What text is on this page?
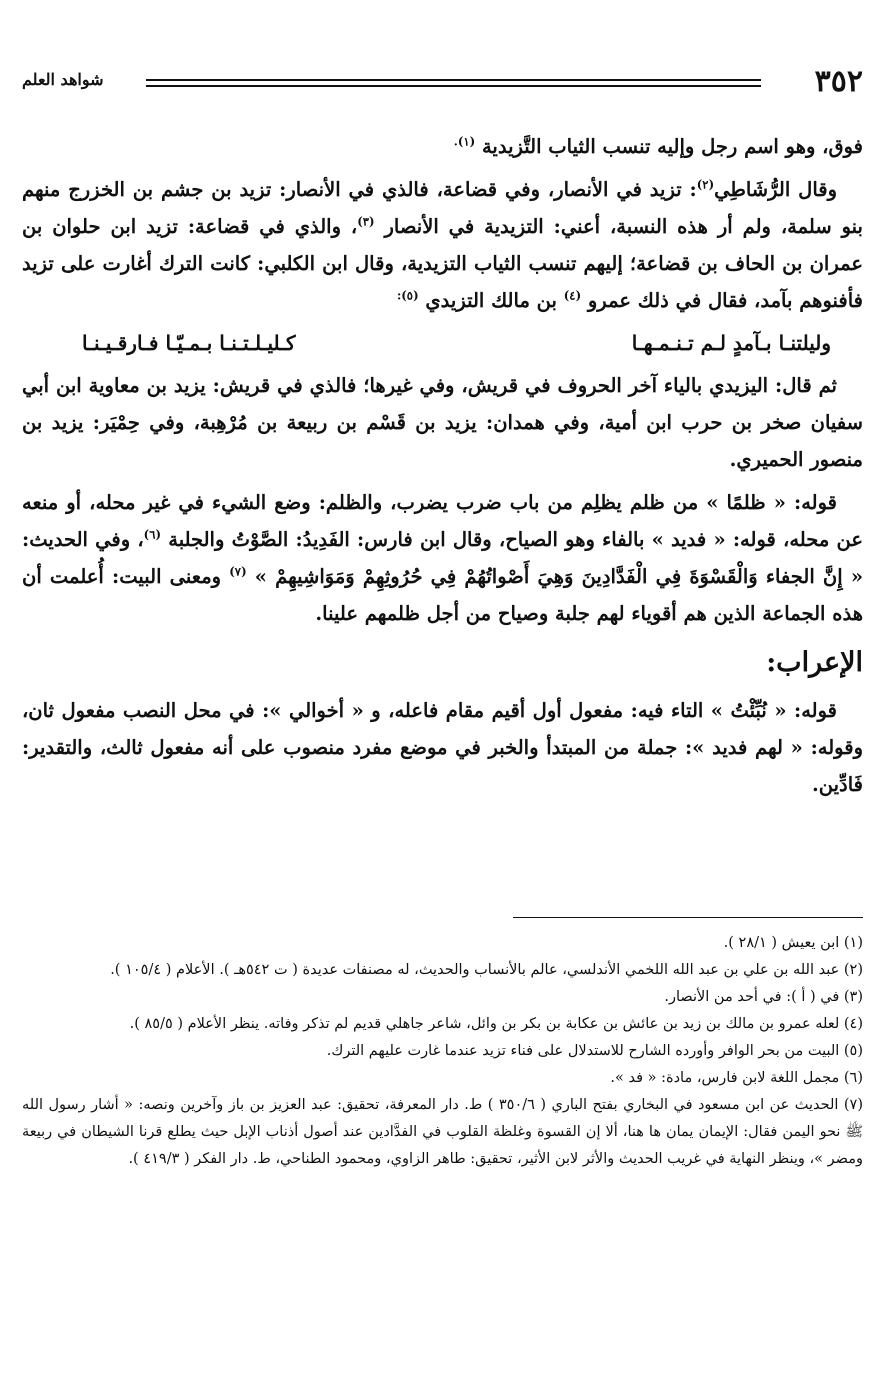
٣٥٢
شواهد العلم

فوق، وهو اسم رجل وإليه تنسب الثياب التَّزيدية $^{(١).}$

وقال الرُّشَاطِي$^{(٢)}$: تزيد في الأنصار، وفي قضاعة، فالذي في الأنصار: تزيد بن جشم بن الخزرج منهم بنو سلمة، ولم أر هذه النسبة، أعني: التزيدية في الأنصار $^{(٣)}$، والذي في قضاعة: تزيد ابن حلوان بن عمران بن الحاف بن قضاعة؛ إليهم تنسب الثياب التزيدية، وقال ابن الكلبي: كانت الترك أغارت على تزيد فأفنوهم بآمد، فقال في ذلك عمرو $^{(٤)}$ بن مالك التزيدي $^{(٥):}$

وليلتنـا بـآمدٍ لـم تـنـمـهـا
كـليـلـتـنـا بـمـيّـا فـارقـيـنـا

ثم قال: اليزيدي بالياء آخر الحروف في قريش، وفي غيرها؛ فالذي في قريش: يزيد بن معاوية ابن أبي سفيان صخر بن حرب ابن أمية، وفي همدان: يزيد بن قَسْم بن ربيعة بن مُرْهِبة، وفي حِمْيَر: يزيد بن منصور الحميري.

قوله: « ظلمًا » من ظلم يظلِم من باب ضرب يضرب، والظلم: وضع الشيء في غير محله، أو منعه عن محله، قوله: « فديد » بالفاء وهو الصياح، وقال ابن فارس: الفَدِيدُ: الصَّوْتُ والجلبة $^{(٦)}$، وفي الحديث: « إِنَّ الجفاء وَالْقَسْوَةَ فِي الْفَدَّادِينَ وَهِيَ أَصْواتُهُمْ فِي حُرُوثِهِمْ وَمَوَاشِيهِمْ » $^{(٧)}$ ومعنى البيت: أُعلمت أن هذه الجماعة الذين هم أقوياء لهم جلبة وصياح من أجل ظلمهم علينا.

الإعراب:

قوله: « نُبِّئْتُ » التاء فيه: مفعول أول أقيم مقام فاعله، و « أخوالي »: في محل النصب مفعول ثان، وقوله: « لهم فديد »: جملة من المبتدأ والخبر في موضع مفرد منصوب على أنه مفعول ثالث، والتقدير: فَادِّين.

(١) ابن يعيش ( ٢٨/١ ).

(٢) عبد الله بن علي بن عبد الله اللخمي الأندلسي، عالم بالأنساب والحديث، له مصنفات عديدة ( ت ٥٤٢هـ ). الأعلام ( ١٠٥/٤ ).

(٣) في ( أ ): في أحد من الأنصار.

(٤) لعله عمرو بن مالك بن زيد بن عائش بن عكابة بن بكر بن وائل، شاعر جاهلي قديم لم تذكر وفاته. ينظر الأعلام ( ٨٥/٥ ).

(٥) البيت من بحر الوافر وأورده الشارح للاستدلال على فناء تزيد عندما غارت عليهم الترك.

(٦) مجمل اللغة لابن فارس، مادة: « فد ».

(٧) الحديث عن ابن مسعود في البخاري بفتح الباري ( ٣٥٠/٦ ) ط. دار المعرفة، تحقيق: عبد العزيز بن باز وآخرين ونصه: « أشار رسول الله ﷺ نحو اليمن فقال: الإيمان يمان ها هنا، ألا إن القسوة وغلظة القلوب في الفدَّادين عند أصول أذناب الإبل حيث يطلع قرنا الشيطان في ربيعة ومضر »، وينظر النهاية في غريب الحديث والأثر لابن الأثير، تحقيق: طاهر الزاوي، ومحمود الطناحي، ط. دار الفكر ( ٤١٩/٣ ).
